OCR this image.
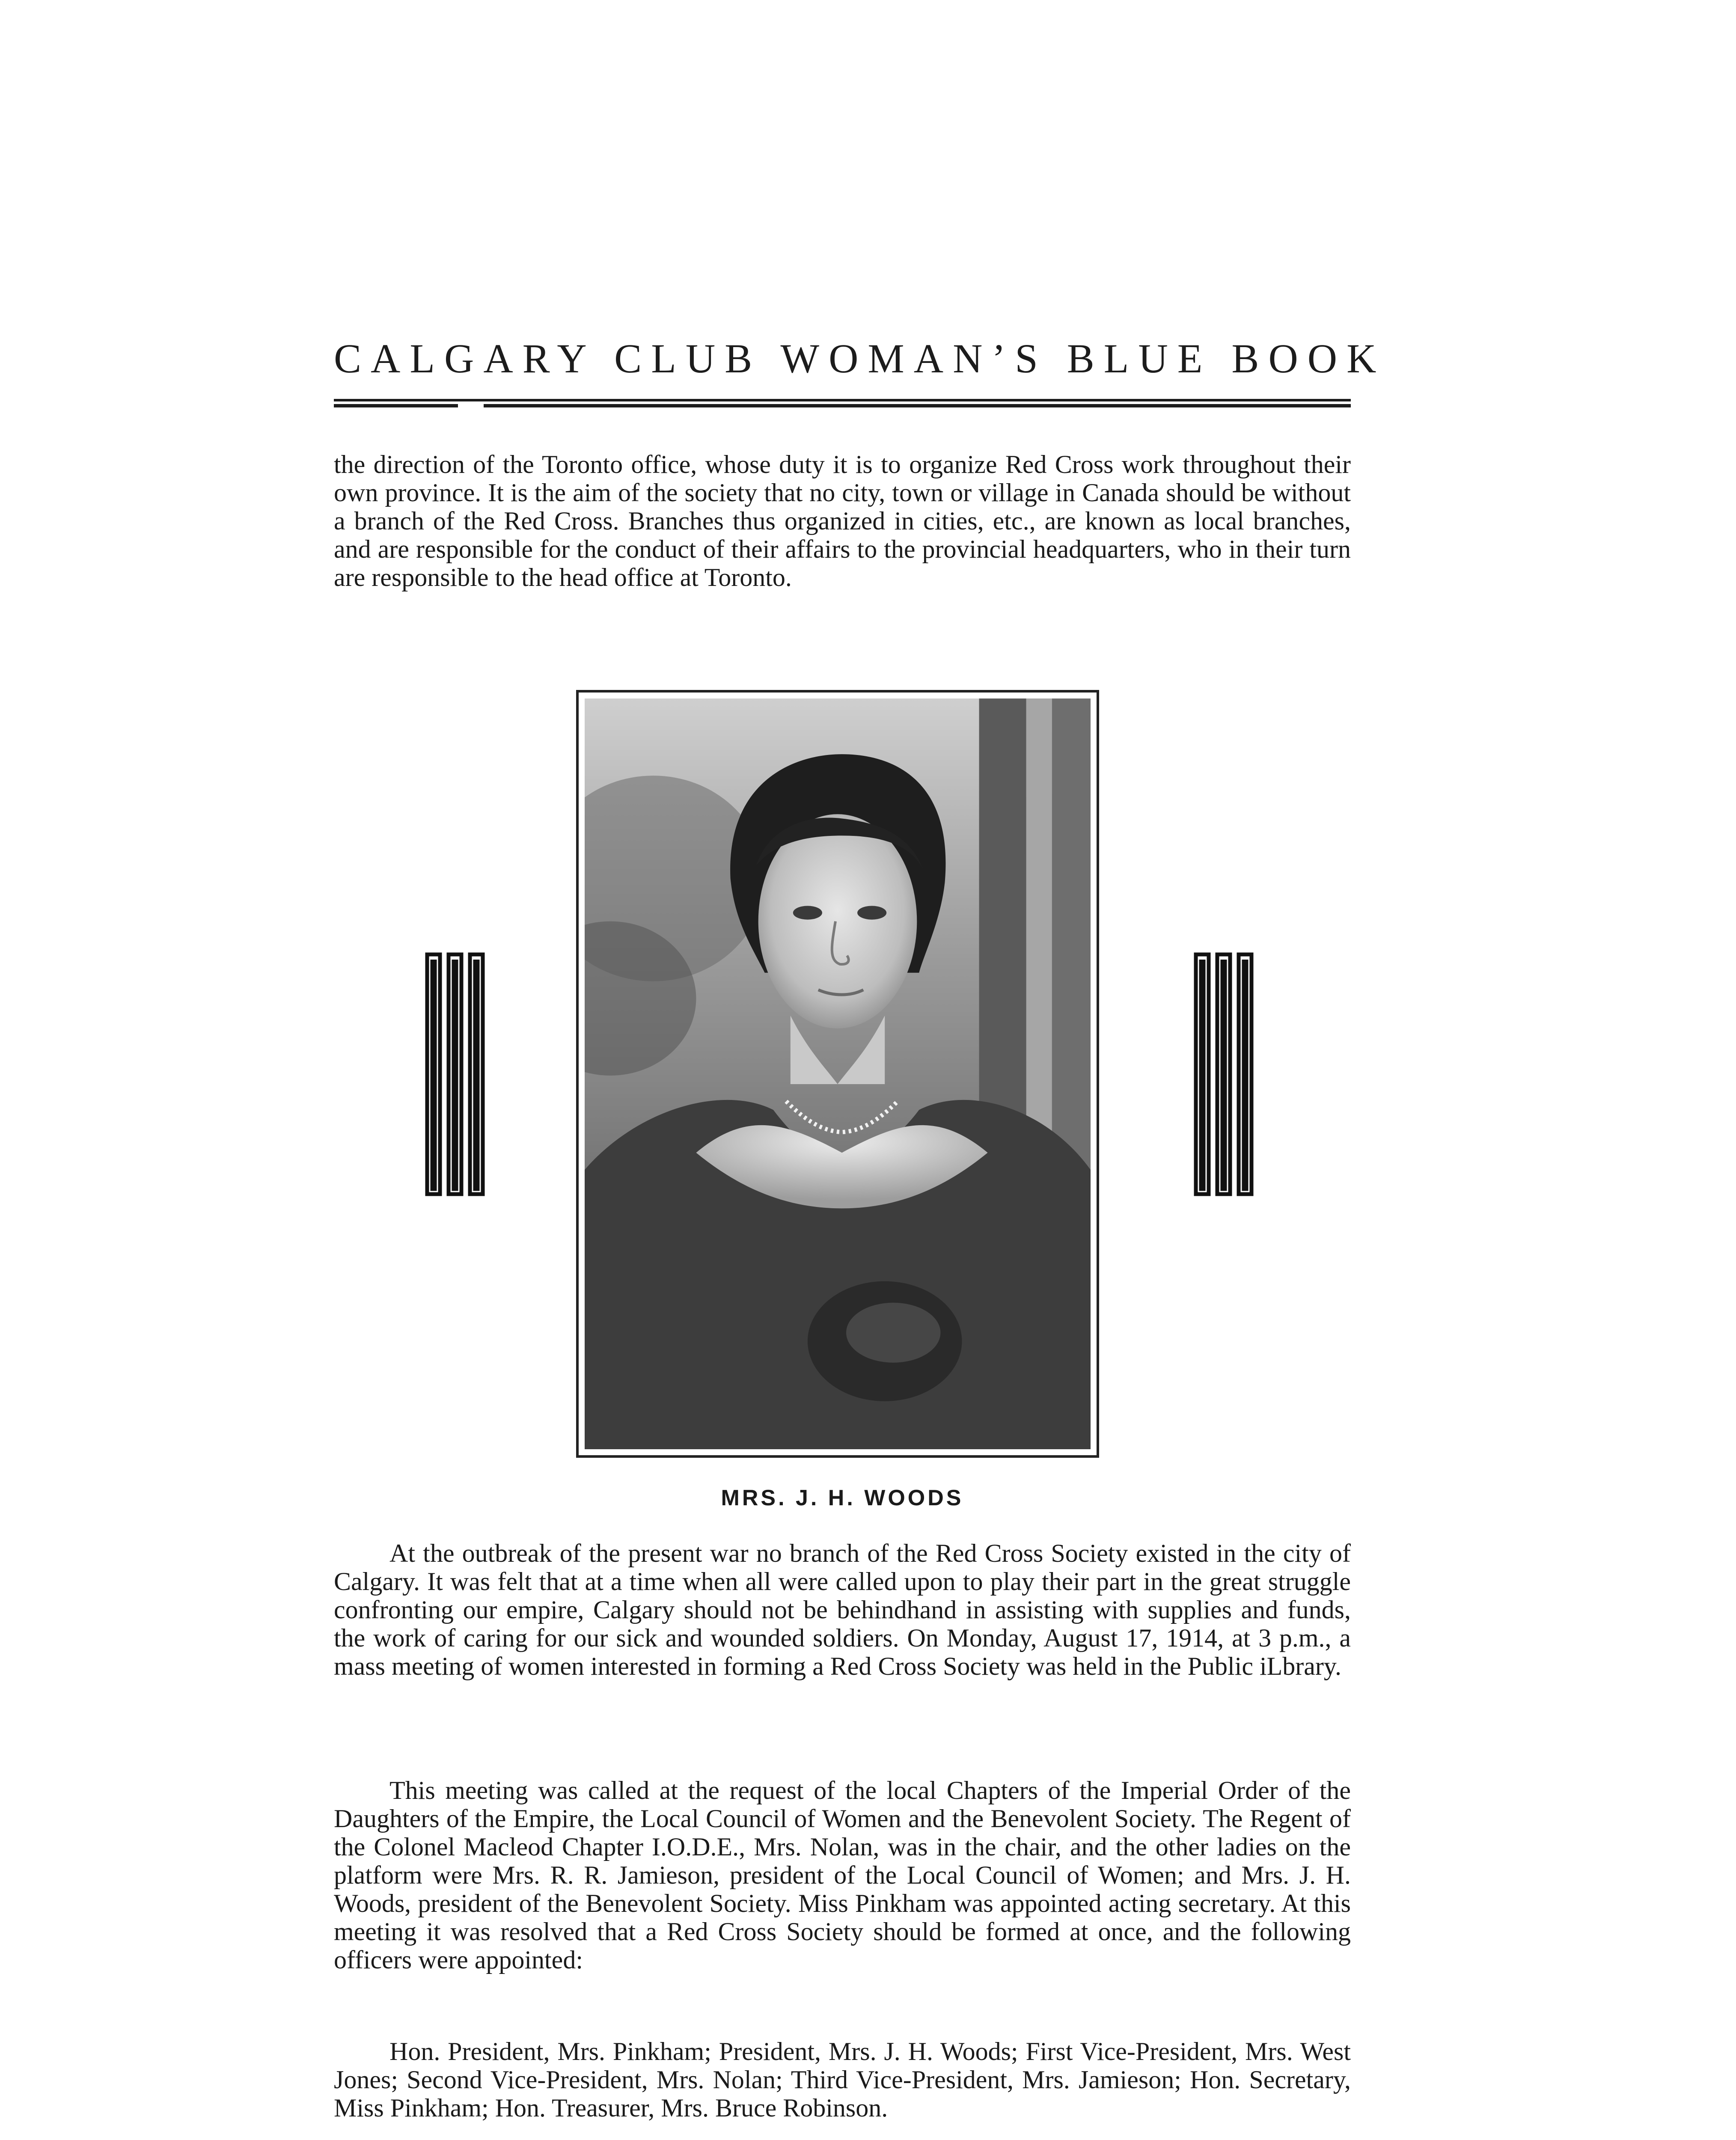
CALGARY CLUB WOMAN’S BLUE BOOK

the direction of the Toronto office, whose duty it is to organize Red Cross work throughout their own province. It is the aim of the society that no city, town or village in Canada should be without a branch of the Red Cross. Branches thus organized in cities, etc., are known as local branches, and are responsible for the conduct of their affairs to the provincial headquarters, who in their turn are responsible to the head office at Toronto.

MRS. J. H. WOODS

At the outbreak of the present war no branch of the Red Cross Society existed in the city of Calgary. It was felt that at a time when all were called upon to play their part in the great struggle confronting our empire, Calgary should not be behindhand in assisting with supplies and funds, the work of caring for our sick and wounded soldiers. On Monday, August 17, 1914, at 3 p.m., a mass meeting of women interested in forming a Red Cross Society was held in the Public iLbrary.

This meeting was called at the request of the local Chapters of the Imperial Order of the Daughters of the Empire, the Local Council of Women and the Benevolent Society. The Regent of the Colonel Macleod Chapter I.O.D.E., Mrs. Nolan, was in the chair, and the other ladies on the platform were Mrs. R. R. Jamieson, president of the Local Council of Women; and Mrs. J. H. Woods, president of the Benevolent Society. Miss Pinkham was appointed acting secretary. At this meeting it was resolved that a Red Cross Society should be formed at once, and the following officers were appointed:

Hon. President, Mrs. Pinkham; President, Mrs. J. H. Woods; First Vice-President, Mrs. West Jones; Second Vice-President, Mrs. Nolan; Third Vice-President, Mrs. Jamieson; Hon. Secretary, Miss Pinkham; Hon. Treasurer, Mrs. Bruce Robinson.
